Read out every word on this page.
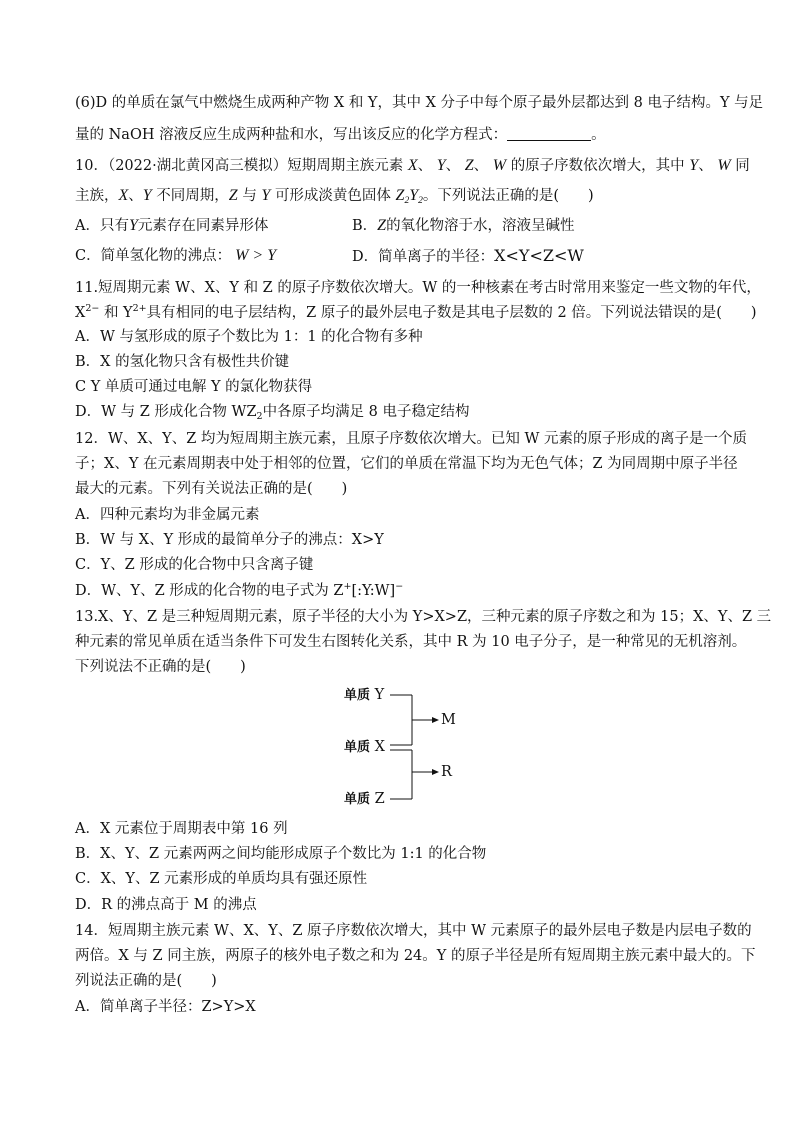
(6)D 的单质在氯气中燃烧生成两种产物 X 和 Y，其中 X 分子中每个原子最外层都达到 8 电子结构。Y 与足
量的 NaOH 溶液反应生成两种盐和水，写出该反应的化学方程式：	。
10．（2022·湖北黄冈高三模拟）短期周期主族元素 X、 Y、 Z、 W 的原子序数依次增大，其中 Y、 W 同
主族，X、Y 不同周期，Z 与 Y 可形成淡黄色固体 $Z_2Y_2$。下列说法正确的是(　　)
A．只有Y元素存在同素异形体	B．Z的氧化物溶于水，溶液呈碱性
C．简单氢化物的沸点： W > Y	D．简单离子的半径：X<Y<Z<W
11.短周期元素 W、X、Y 和 Z 的原子序数依次增大。W 的一种核素在考古时常用来鉴定一些文物的年代，
$X^{2-}$ 和 $Y^{2+}$具有相同的电子层结构，Z 原子的最外层电子数是其电子层数的 2 倍。下列说法错误的是(　　)
A．W 与氢形成的原子个数比为 1：1 的化合物有多种
B．X 的氢化物只含有极性共价键
C Y 单质可通过电解 Y 的氯化物获得
D．W 与 Z 形成化合物 $WZ_2$中各原子均满足 8 电子稳定结构
12．W、X、Y、Z 均为短周期主族元素，且原子序数依次增大。已知 W 元素的原子形成的离子是一个质
子；X、Y 在元素周期表中处于相邻的位置，它们的单质在常温下均为无色气体；Z 为同周期中原子半径
最大的元素。下列有关说法正确的是(　　)
A．四种元素均为非金属元素
B．W 与 X、Y 形成的最简单分子的沸点：X>Y
C．Y、Z 形成的化合物中只含离子键
D．W、Y、Z 形成的化合物的电子式为 Z+[:Y:W]−
13.X、Y、Z 是三种短周期元素，原子半径的大小为 Y>X>Z，三种元素的原子序数之和为 15；X、Y、Z 三
种元素的常见单质在适当条件下可发生右图转化关系，其中 R 为 10 电子分子，是一种常见的无机溶剂。
下列说法不正确的是(　　)
单质 Y
单质 X
单质 Z
M
R
A．X 元素位于周期表中第 16 列
B．X、Y、Z 元素两两之间均能形成原子个数比为 1:1 的化合物
C．X、Y、Z 元素形成的单质均具有强还原性
D．R 的沸点高于 M 的沸点
14．短周期主族元素 W、X、Y、Z 原子序数依次增大，其中 W 元素原子的最外层电子数是内层电子数的
两倍。X 与 Z 同主族，两原子的核外电子数之和为 24。Y 的原子半径是所有短周期主族元素中最大的。下
列说法正确的是(　　)
A．简单离子半径：Z>Y>X
